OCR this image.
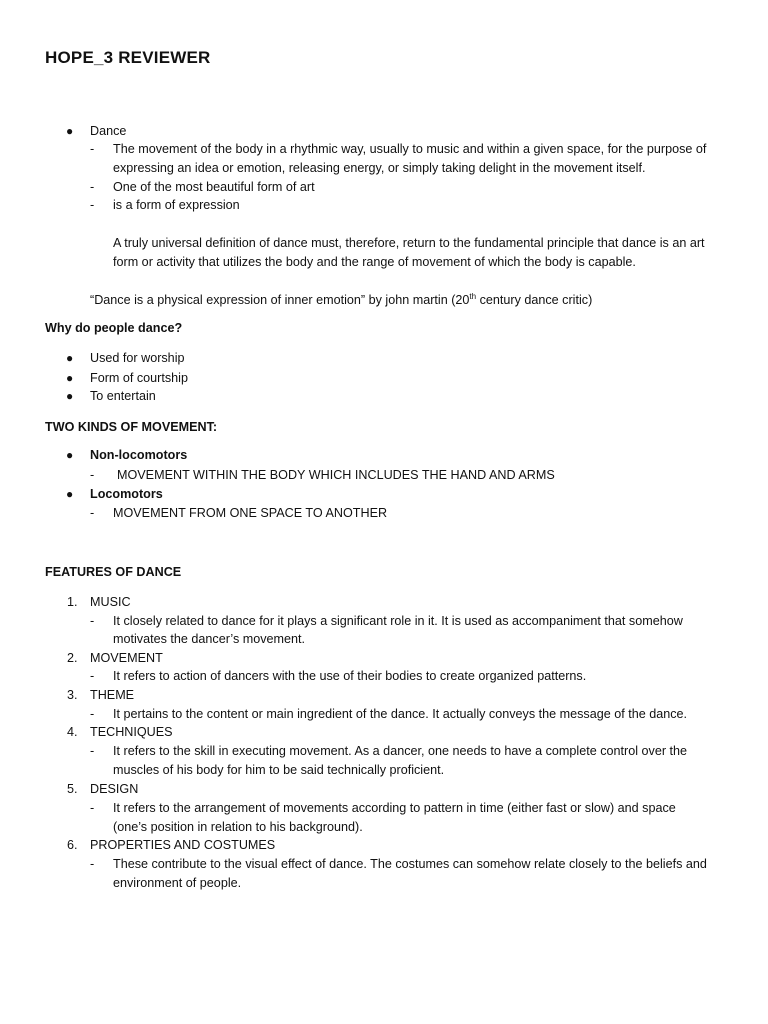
HOPE_3 REVIEWER
● Dance
- The movement of the body in a rhythmic way, usually to music and within a given space, for the purpose of
expressing an idea or emotion, releasing energy, or simply taking delight in the movement itself.
- One of the most beautiful form of art
- is a form of expression
A truly universal definition of dance must, therefore, return to the fundamental principle that dance is an art
form or activity that utilizes the body and the range of movement of which the body is capable.
“Dance is a physical expression of inner emotion” by john martin (20th century dance critic)
Why do people dance?
● Used for worship
● Form of courtship
● To entertain
TWO KINDS OF MOVEMENT:
● Non-locomotors
- MOVEMENT WITHIN THE BODY WHICH INCLUDES THE HAND AND ARMS
● Locomotors
- MOVEMENT FROM ONE SPACE TO ANOTHER
FEATURES OF DANCE
1. MUSIC
- It closely related to dance for it plays a significant role in it. It is used as accompaniment that somehow
motivates the dancer’s movement.
2. MOVEMENT
- It refers to action of dancers with the use of their bodies to create organized patterns.
3. THEME
- It pertains to the content or main ingredient of the dance. It actually conveys the message of the dance.
4. TECHNIQUES
- It refers to the skill in executing movement. As a dancer, one needs to have a complete control over the
muscles of his body for him to be said technically proficient.
5. DESIGN
- It refers to the arrangement of movements according to pattern in time (either fast or slow) and space
(one’s position in relation to his background).
6. PROPERTIES AND COSTUMES
- These contribute to the visual effect of dance. The costumes can somehow relate closely to the beliefs and
environment of people.
